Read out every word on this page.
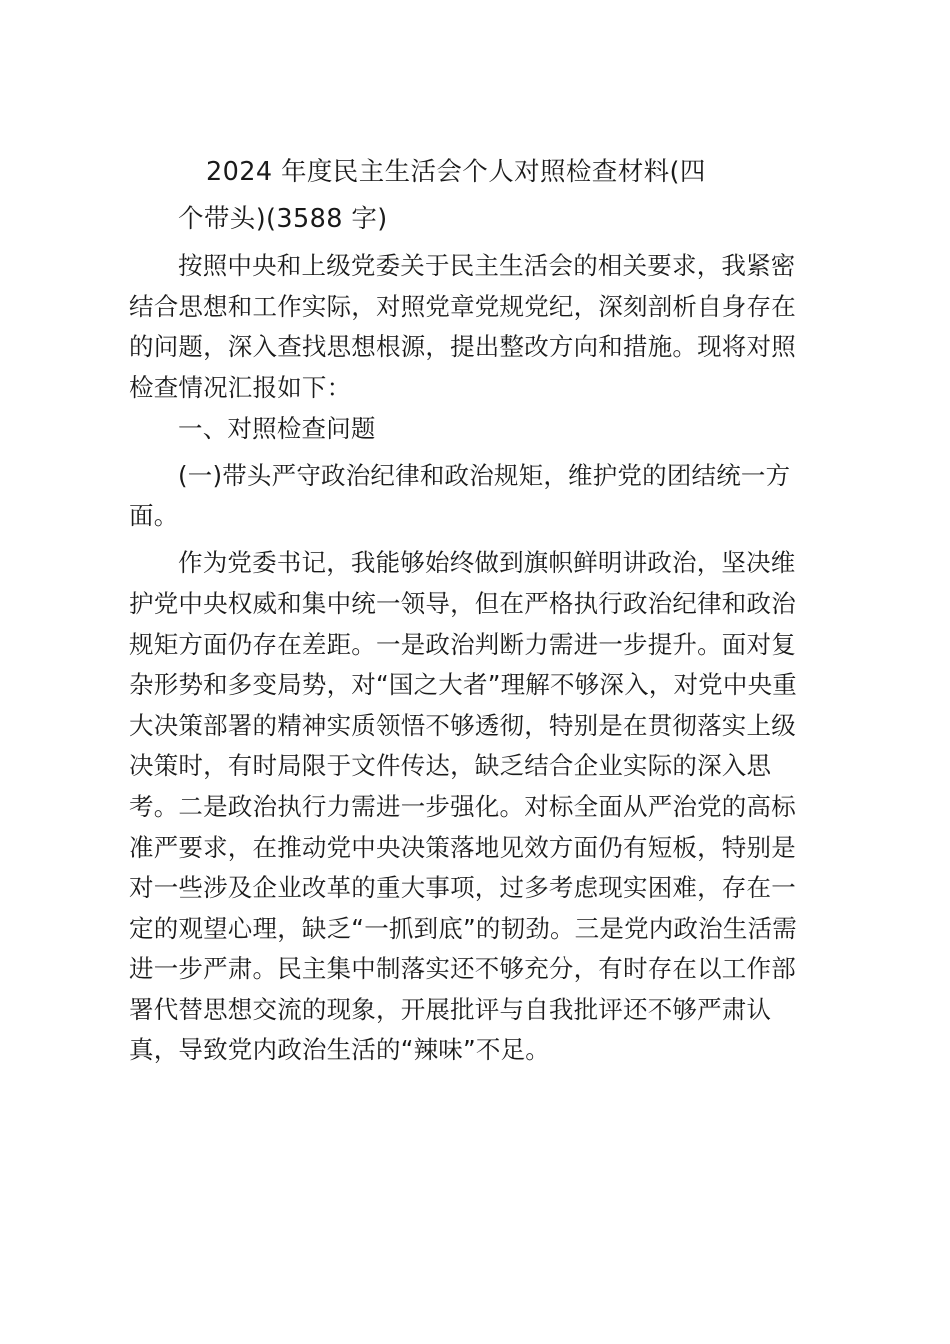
2024 年度民主生活会个人对照检查材料(四
个带头)(3588 字)
按照中央和上级党委关于民主生活会的相关要求，我紧密
结合思想和工作实际，对照党章党规党纪，深刻剖析自身存在
的问题，深入查找思想根源，提出整改方向和措施。现将对照
检查情况汇报如下：
一、对照检查问题
(一)带头严守政治纪律和政治规矩，维护党的团结统一方
面。
作为党委书记，我能够始终做到旗帜鲜明讲政治，坚决维
护党中央权威和集中统一领导，但在严格执行政治纪律和政治
规矩方面仍存在差距。一是政治判断力需进一步提升。面对复
杂形势和多变局势，对“国之大者”理解不够深入，对党中央重
大决策部署的精神实质领悟不够透彻，特别是在贯彻落实上级
决策时，有时局限于文件传达，缺乏结合企业实际的深入思
考。二是政治执行力需进一步强化。对标全面从严治党的高标
准严要求，在推动党中央决策落地见效方面仍有短板，特别是
对一些涉及企业改革的重大事项，过多考虑现实困难，存在一
定的观望心理，缺乏“一抓到底”的韧劲。三是党内政治生活需
进一步严肃。民主集中制落实还不够充分，有时存在以工作部
署代替思想交流的现象，开展批评与自我批评还不够严肃认
真，导致党内政治生活的“辣味”不足。
